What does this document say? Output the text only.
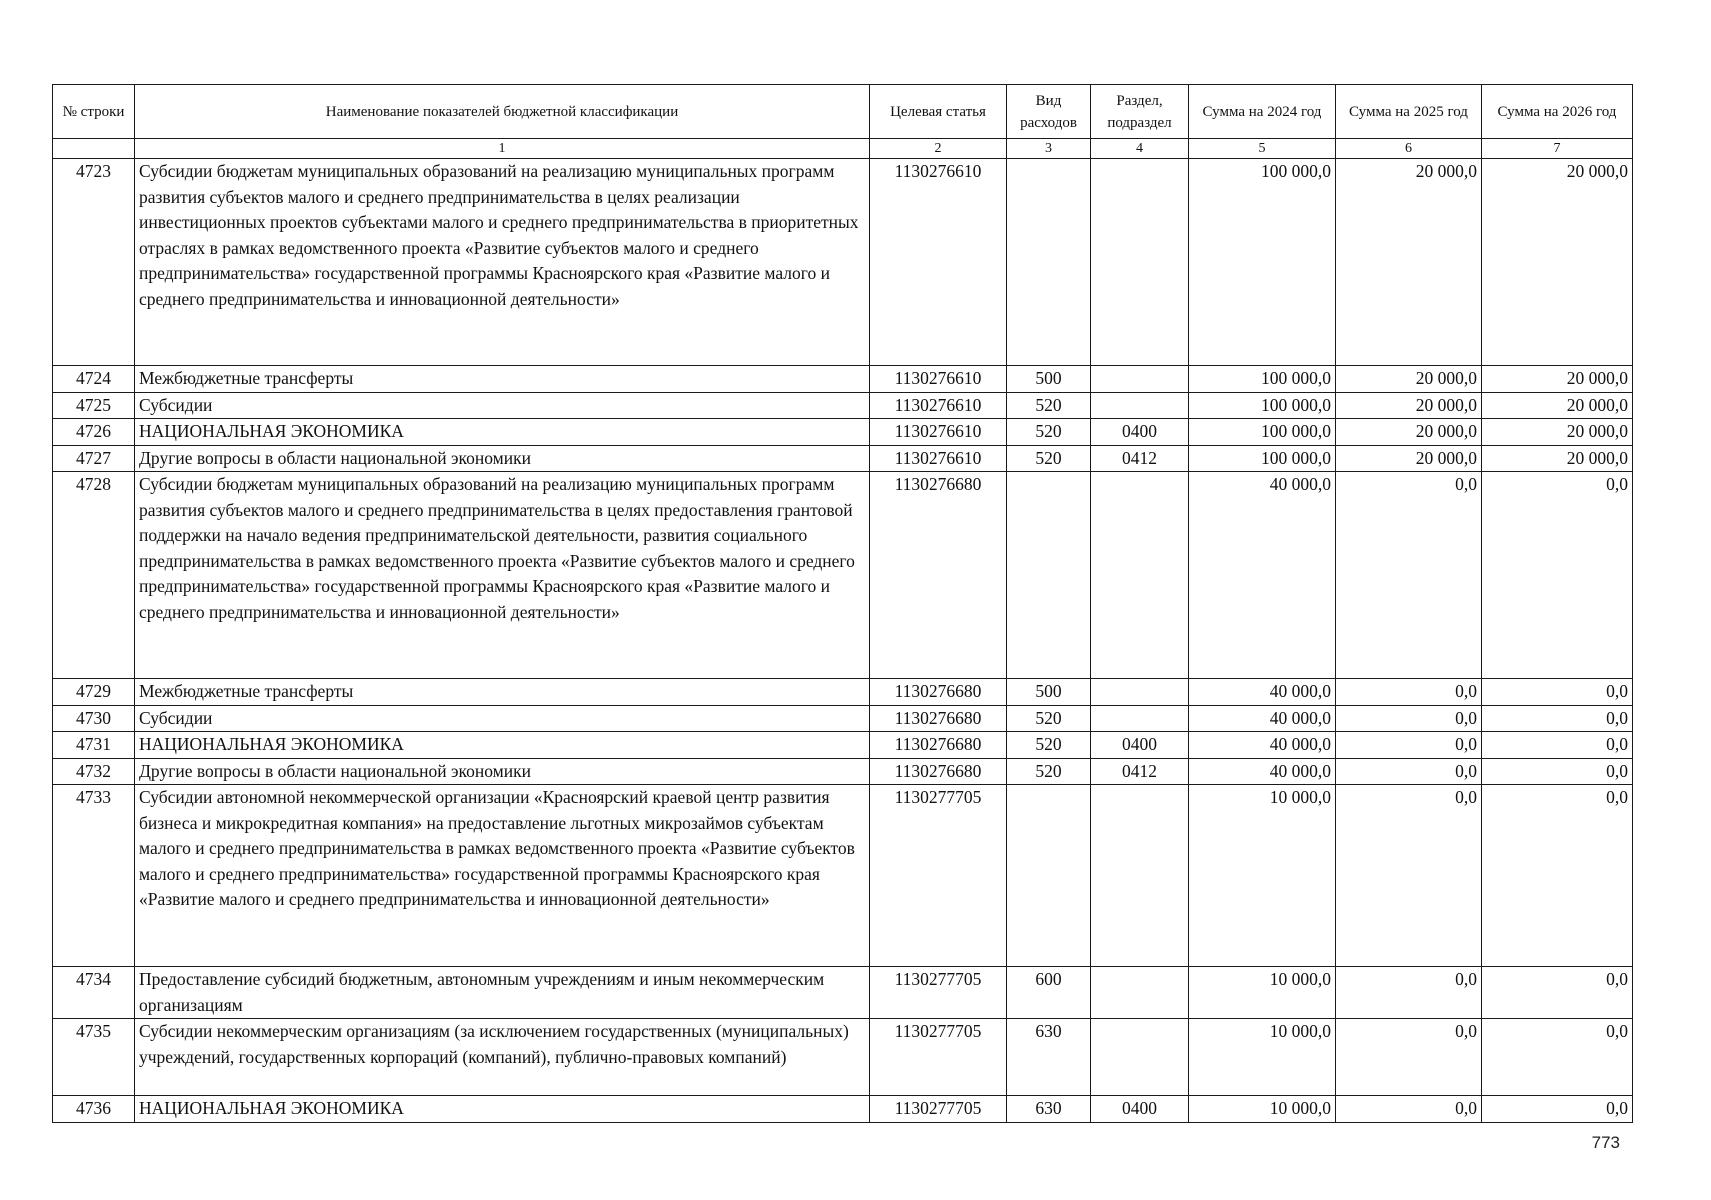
№ строки	Наименование показателей бюджетной классификации	Целевая статья	Вид расходов	Раздел, подраздел	Сумма на 2024 год	Сумма на 2025 год	Сумма на 2026 год
	1	2	3	4	5	6	7
4723	Субсидии бюджетам муниципальных образований на реализацию муниципальных программ развития субъектов малого и среднего предпринимательства в целях реализации инвестиционных проектов субъектами малого и среднего предпринимательства в приоритетных отраслях в рамках ведомственного проекта «Развитие субъектов малого и среднего предпринимательства» государственной программы Красноярского края «Развитие малого и среднего предпринимательства и инновационной деятельности»	1130276610			100 000,0	20 000,0	20 000,0
4724	Межбюджетные трансферты	1130276610	500		100 000,0	20 000,0	20 000,0
4725	Субсидии	1130276610	520		100 000,0	20 000,0	20 000,0
4726	НАЦИОНАЛЬНАЯ ЭКОНОМИКА	1130276610	520	0400	100 000,0	20 000,0	20 000,0
4727	Другие вопросы в области национальной экономики	1130276610	520	0412	100 000,0	20 000,0	20 000,0
4728	Субсидии бюджетам муниципальных образований на реализацию муниципальных программ развития субъектов малого и среднего предпринимательства в целях предоставления грантовой поддержки на начало ведения предпринимательской деятельности, развития социального предпринимательства в рамках ведомственного проекта «Развитие субъектов малого и среднего предпринимательства» государственной программы Красноярского края «Развитие малого и среднего предпринимательства и инновационной деятельности»	1130276680			40 000,0	0,0	0,0
4729	Межбюджетные трансферты	1130276680	500		40 000,0	0,0	0,0
4730	Субсидии	1130276680	520		40 000,0	0,0	0,0
4731	НАЦИОНАЛЬНАЯ ЭКОНОМИКА	1130276680	520	0400	40 000,0	0,0	0,0
4732	Другие вопросы в области национальной экономики	1130276680	520	0412	40 000,0	0,0	0,0
4733	Субсидии автономной некоммерческой организации «Красноярский краевой центр развития бизнеса и микрокредитная компания» на предоставление льготных микрозаймов субъектам малого и среднего предпринимательства в рамках ведомственного проекта «Развитие субъектов малого и среднего предпринимательства» государственной программы Красноярского края «Развитие малого и среднего предпринимательства и инновационной деятельности»	1130277705			10 000,0	0,0	0,0
4734	Предоставление субсидий бюджетным, автономным учреждениям и иным некоммерческим организациям	1130277705	600		10 000,0	0,0	0,0
4735	Субсидии некоммерческим организациям (за исключением государственных (муниципальных) учреждений, государственных корпораций (компаний), публично-правовых компаний)	1130277705	630		10 000,0	0,0	0,0
4736	НАЦИОНАЛЬНАЯ ЭКОНОМИКА	1130277705	630	0400	10 000,0	0,0	0,0
773
